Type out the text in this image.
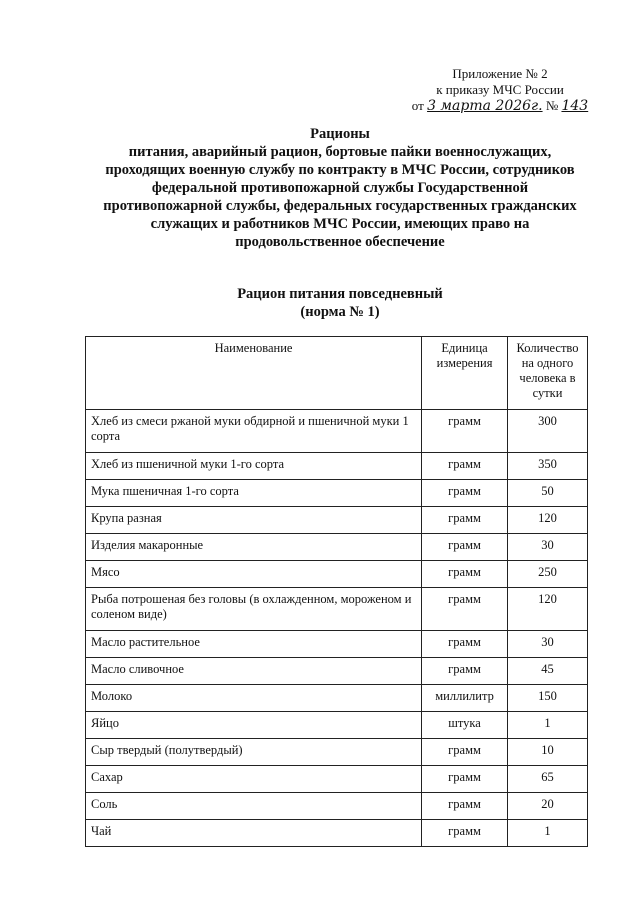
Приложение № 2
к приказу МЧС России
от 3 марта 2026г. № 143
Рационы
питания, аварийный рацион, бортовые пайки военнослужащих,
проходящих военную службу по контракту в МЧС России, сотрудников
федеральной противопожарной службы Государственной
противопожарной службы, федеральных государственных гражданских
служащих и работников МЧС России, имеющих право на
продовольственное обеспечение
Рацион питания повседневный
(норма № 1)
Наименование	Единица измерения	Количество на одного человека в сутки
Хлеб из смеси ржаной муки обдирной и пшеничной муки 1 сорта	грамм	300
Хлеб из пшеничной муки 1-го сорта	грамм	350
Мука пшеничная 1-го сорта	грамм	50
Крупа разная	грамм	120
Изделия макаронные	грамм	30
Мясо	грамм	250
Рыба потрошеная без головы (в охлажденном, мороженом и соленом виде)	грамм	120
Масло растительное	грамм	30
Масло сливочное	грамм	45
Молоко	миллилитр	150
Яйцо	штука	1
Сыр твердый (полутвердый)	грамм	10
Сахар	грамм	65
Соль	грамм	20
Чай	грамм	1
